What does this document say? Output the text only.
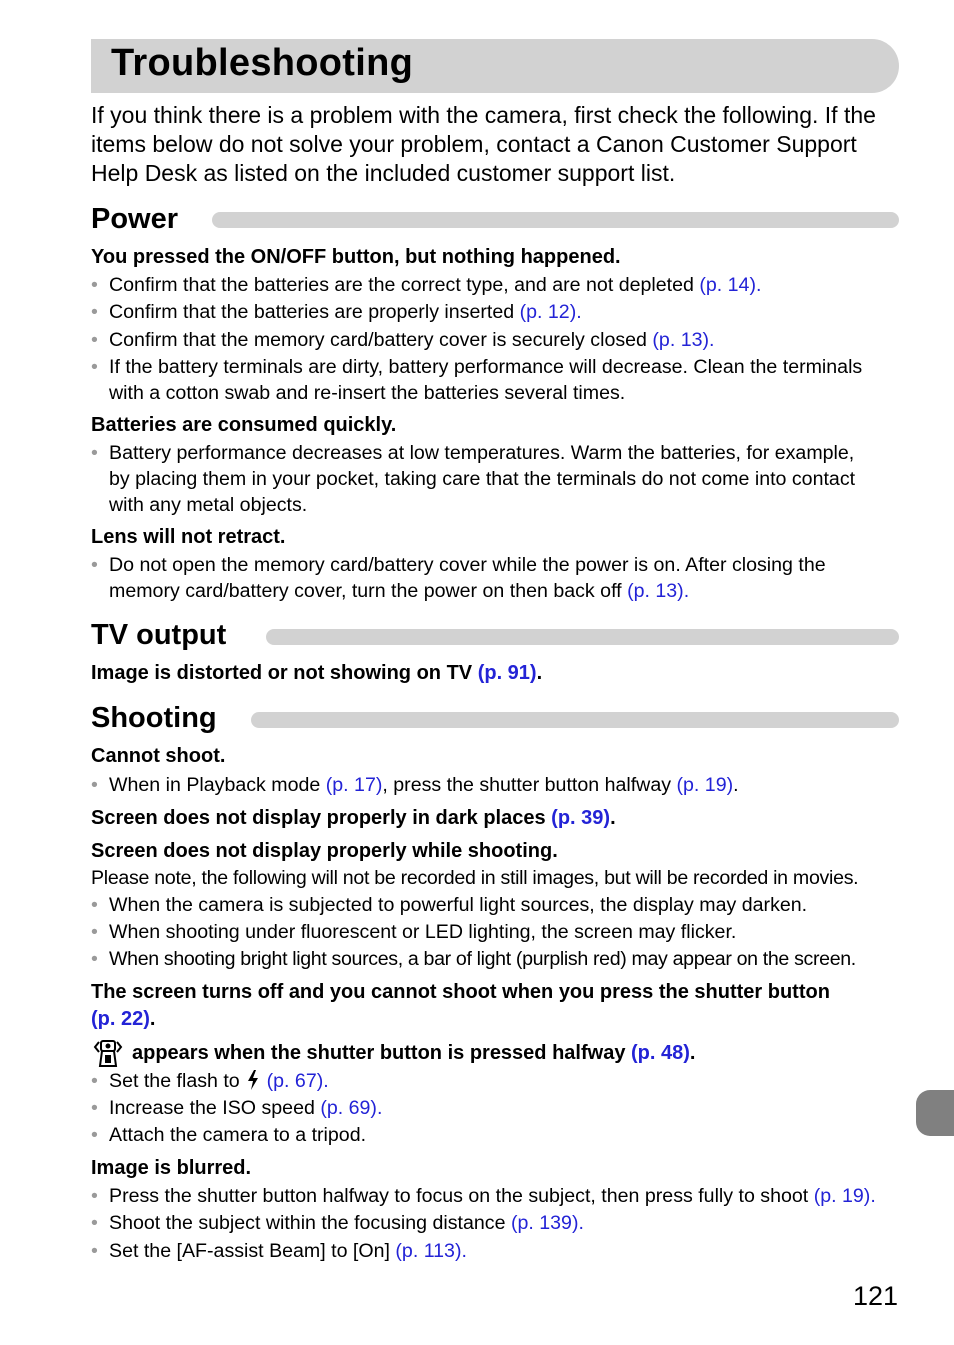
Troubleshooting

If you think there is a problem with the camera, first check the following. If the items below do not solve your problem, contact a Canon Customer Support Help Desk as listed on the included customer support list.

Power
You pressed the ON/OFF button, but nothing happened.
• Confirm that the batteries are the correct type, and are not depleted (p. 14).
• Confirm that the batteries are properly inserted (p. 12).
• Confirm that the memory card/battery cover is securely closed (p. 13).
• If the battery terminals are dirty, battery performance will decrease. Clean the terminals
with a cotton swab and re-insert the batteries several times.
Batteries are consumed quickly.
• Battery performance decreases at low temperatures. Warm the batteries, for example,
by placing them in your pocket, taking care that the terminals do not come into contact
with any metal objects.
Lens will not retract.
• Do not open the memory card/battery cover while the power is on. After closing the
memory card/battery cover, turn the power on then back off (p. 13).
TV output
Image is distorted or not showing on TV (p. 91).
Shooting
Cannot shoot.
• When in Playback mode (p. 17), press the shutter button halfway (p. 19).
Screen does not display properly in dark places (p. 39).
Screen does not display properly while shooting.
Please note, the following will not be recorded in still images, but will be recorded in movies.
• When the camera is subjected to powerful light sources, the display may darken.
• When shooting under fluorescent or LED lighting, the screen may flicker.
• When shooting bright light sources, a bar of light (purplish red) may appear on the screen.
The screen turns off and you cannot shoot when you press the shutter button
(p. 22).
appears when the shutter button is pressed halfway (p. 48).
• Set the flash to (p. 67).
• Increase the ISO speed (p. 69).
• Attach the camera to a tripod.
Image is blurred.
• Press the shutter button halfway to focus on the subject, then press fully to shoot (p. 19).
• Shoot the subject within the focusing distance (p. 139).
• Set the [AF-assist Beam] to [On] (p. 113).
121
